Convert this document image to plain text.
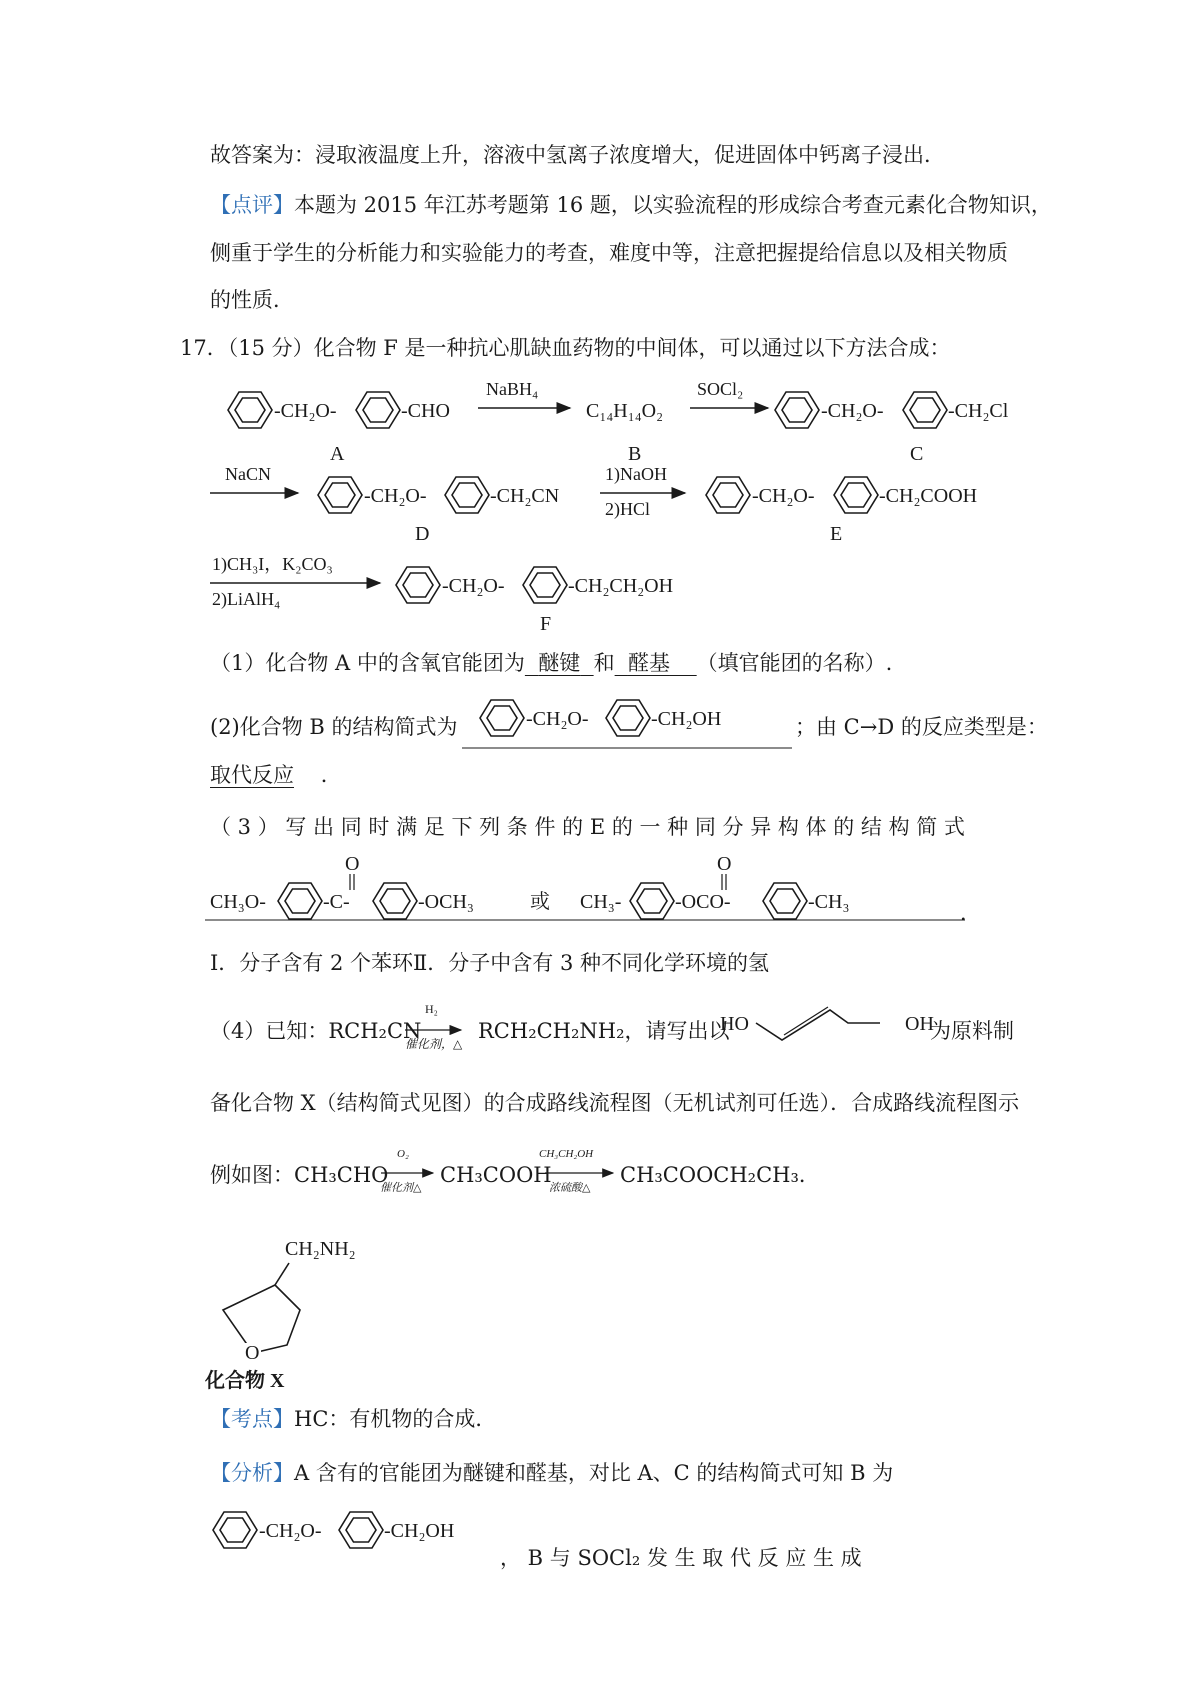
故答案为：浸取液温度上升，溶液中氢离子浓度增大，促进固体中钙离子浸出．
【点评】本题为 2015 年江苏考题第 16 题，以实验流程的形成综合考查元素化合物知识，
侧重于学生的分析能力和实验能力的考查，难度中等，注意把握提给信息以及相关物质
的性质．
17．（15 分）化合物 F 是一种抗心肌缺血药物的中间体，可以通过以下方法合成：
-CH₂O-	-CHO
A
NaBH₄
C₁₄H₁₄O₂
B
SOCl₂
-CH₂O-	-CH₂Cl
C
NaCN
-CH₂O-	-CH₂CN
D
1)NaOH
2)HCl
-CH₂O-	-CH₂COOH
E
1)CH₃I，K₂CO₃
2)LiAlH₄
-CH₂O-	-CH₂CH₂OH
F
（1）化合物 A 中的含氧官能团为 醚键 和 醛基 （填官能团的名称）.
(2)化合物 B 的结构简式为	-CH₂O-	-CH₂OH	；由 C→D 的反应类型是：
取代反应    ．
（ 3 ） 写 出 同 时 满 足 下 列 条 件 的 E 的 一 种 同 分 异 构 体 的 结 构 简 式
CH₃O-	-C-
O
-OCH₃	或 CH₃-	-OCO-
O
-CH₃	．
Ⅰ．分子含有 2 个苯环Ⅱ．分子中含有 3 种不同化学环境的氢
（4）已知：RCH₂CN
H₂
催化剂，△
RCH₂CH₂NH₂，请写出以
HO	OH
为原料制
备化合物 X（结构简式见图）的合成路线流程图（无机试剂可任选）．合成路线流程图示
例如图：CH₃CHO
O₂
催化剂△
CH₃COOH
CH₃CH₂OH
浓硫酸△
CH₃COOCH₂CH₃．
CH₂NH₂
O
化合物 X
【考点】HC：有机物的合成．
【分析】A 含有的官能团为醚键和醛基，对比 A、C 的结构简式可知 B 为
-CH₂O-	-CH₂OH
， B 与 SOCl₂ 发 生 取 代 反 应 生 成
